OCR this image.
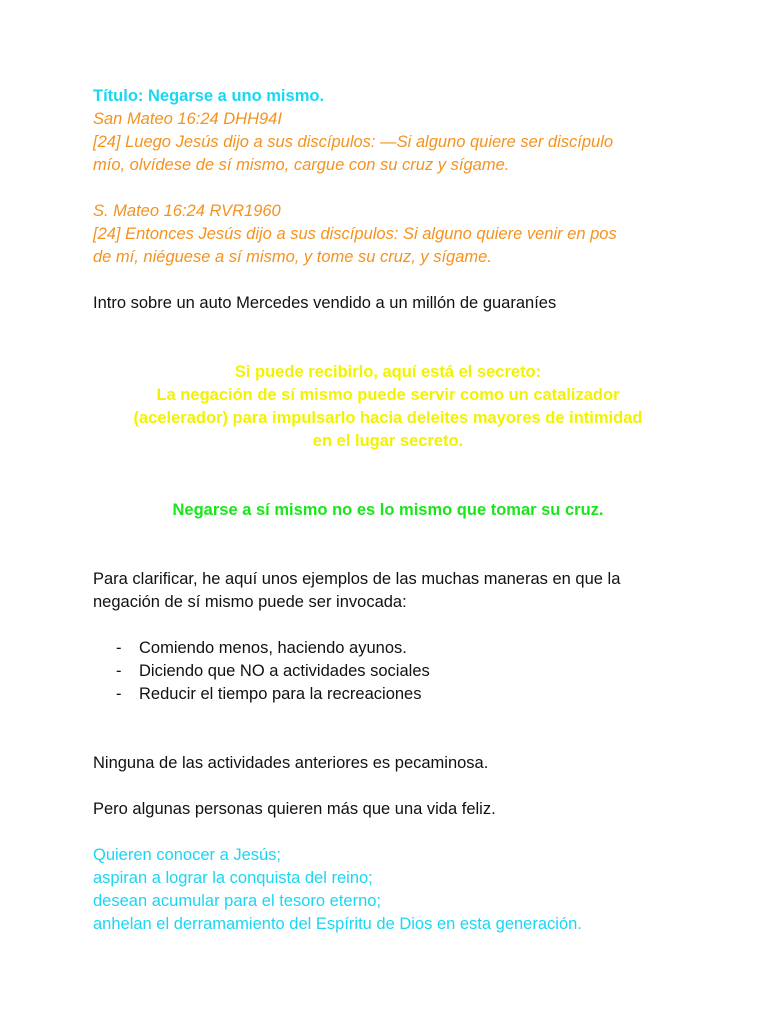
Título: Negarse a uno mismo.

San Mateo 16:24 DHH94I

[24] Luego Jesús dijo a sus discípulos: —Si alguno quiere ser discípulo

mío, olvídese de sí mismo, cargue con su cruz y sígame.

S. Mateo 16:24 RVR1960

[24] Entonces Jesús dijo a sus discípulos: Si alguno quiere venir en pos

de mí, niéguese a sí mismo, y tome su cruz, y sígame.

Intro sobre un auto Mercedes vendido a un millón de guaraníes

Si puede recibirlo, aquí está el secreto:

La negación de sí mismo puede servir como un catalizador

(acelerador) para impulsarlo hacia deleites mayores de intimidad

en el lugar secreto.

Negarse a sí mismo no es lo mismo que tomar su cruz.

Para clarificar, he aquí unos ejemplos de las muchas maneras en que la

negación de sí mismo puede ser invocada:

- Comiendo menos, haciendo ayunos.
- Diciendo que NO a actividades sociales
- Reducir el tiempo para la recreaciones

Ninguna de las actividades anteriores es pecaminosa.

Pero algunas personas quieren más que una vida feliz.

Quieren conocer a Jesús;

aspiran a lograr la conquista del reino;

desean acumular para el tesoro eterno;

anhelan el derramamiento del Espíritu de Dios en esta generación.
